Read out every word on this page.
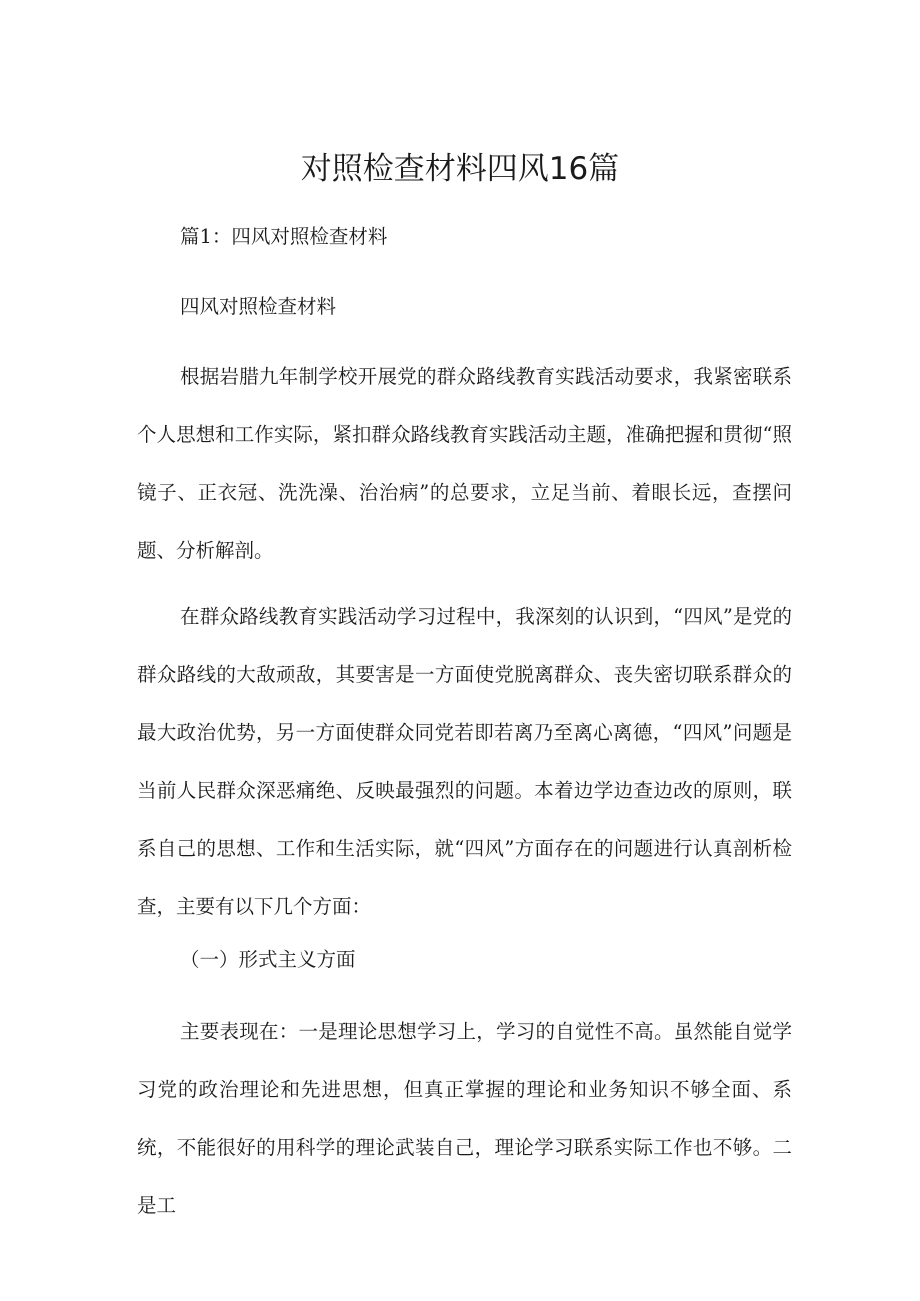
对照检查材料四风16篇

篇1：四风对照检查材料

四风对照检查材料

根据岩腊九年制学校开展党的群众路线教育实践活动要求，我紧密联系个人思想和工作实际，紧扣群众路线教育实践活动主题，准确把握和贯彻“照镜子、正衣冠、洗洗澡、治治病”的总要求，立足当前、着眼长远，查摆问题、分析解剖。

在群众路线教育实践活动学习过程中，我深刻的认识到，“四风”是党的群众路线的大敌顽敌，其要害是一方面使党脱离群众、丧失密切联系群众的最大政治优势，另一方面使群众同党若即若离乃至离心离德，“四风”问题是当前人民群众深恶痛绝、反映最强烈的问题。本着边学边查边改的原则，联系自己的思想、工作和生活实际，就“四风”方面存在的问题进行认真剖析检查，主要有以下几个方面：

（一）形式主义方面

主要表现在：一是理论思想学习上，学习的自觉性不高。虽然能自觉学习党的政治理论和先进思想，但真正掌握的理论和业务知识不够全面、系统，不能很好的用科学的理论武装自己，理论学习联系实际工作也不够。二是工
